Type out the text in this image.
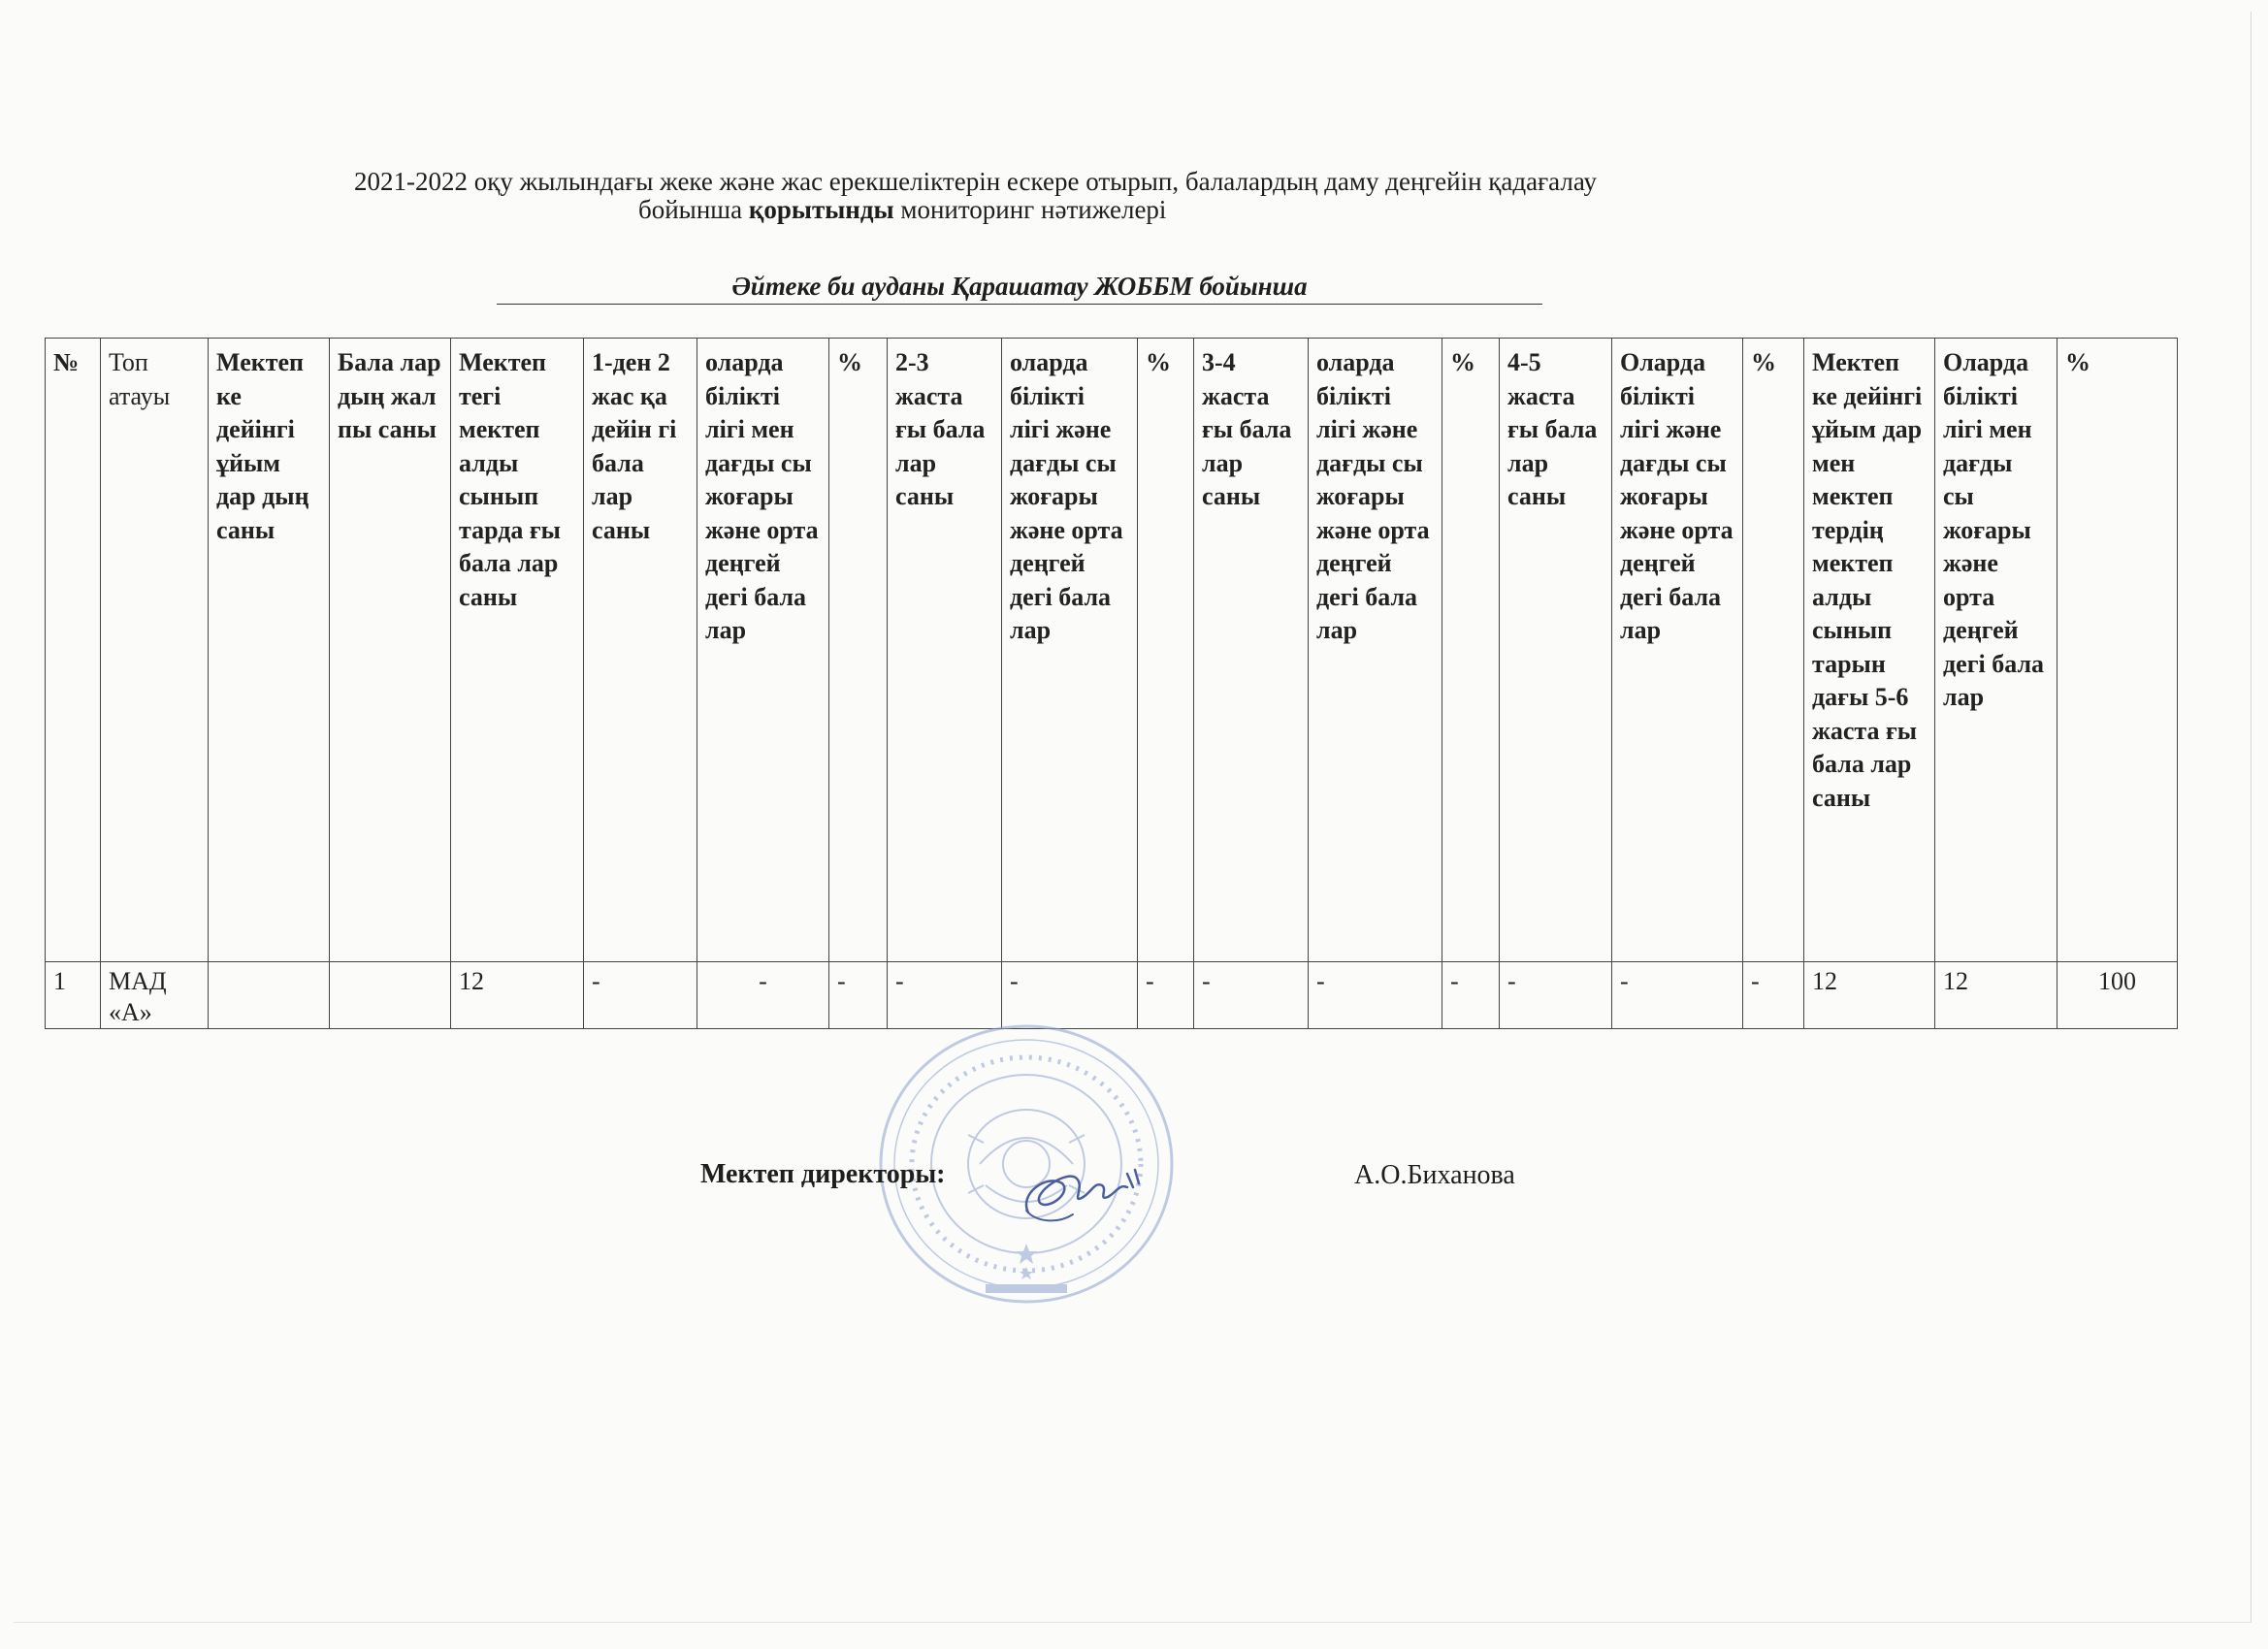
2021-2022 оқу жылындағы жеке және жас ерекшеліктерін ескере отырып, балалардың даму деңгейін қадағалау
бойынша қорытынды мониторинг нәтижелері
Әйтеке би ауданы Қарашатау ЖОББМ бойынша
№	Топ атауы	Мектеп ке дейінгі ұйым дар дың саны	Бала лар дың жал пы саны	Мектеп тегі мектеп алды сынып тарда ғы бала лар саны	1-ден 2 жас қа дейін гі бала лар саны	оларда білікті лігі мен дағды сы жоғары және орта деңгей дегі бала лар	%	2-3 жаста ғы бала лар саны	оларда білікті лігі және дағды сы жоғары және орта деңгей дегі бала лар	%	3-4 жаста ғы бала лар саны	оларда білікті лігі және дағды сы жоғары және орта деңгей дегі бала лар	%	4-5 жаста ғы бала лар саны	Оларда білікті лігі және дағды сы жоғары және орта деңгей дегі бала лар	%	Мектеп ке дейінгі ұйым дар мен мектеп тердің мектеп алды сынып тарын дағы 5-6 жаста ғы бала лар саны	Оларда білікті лігі мен дағды сы жоғары және орта деңгей дегі бала лар	%
1	МАД «А»			12	-	-	-	-	-	-	-	-	-	-	-	-	12	12	100
Мектеп директоры:	А.О.Биханова
